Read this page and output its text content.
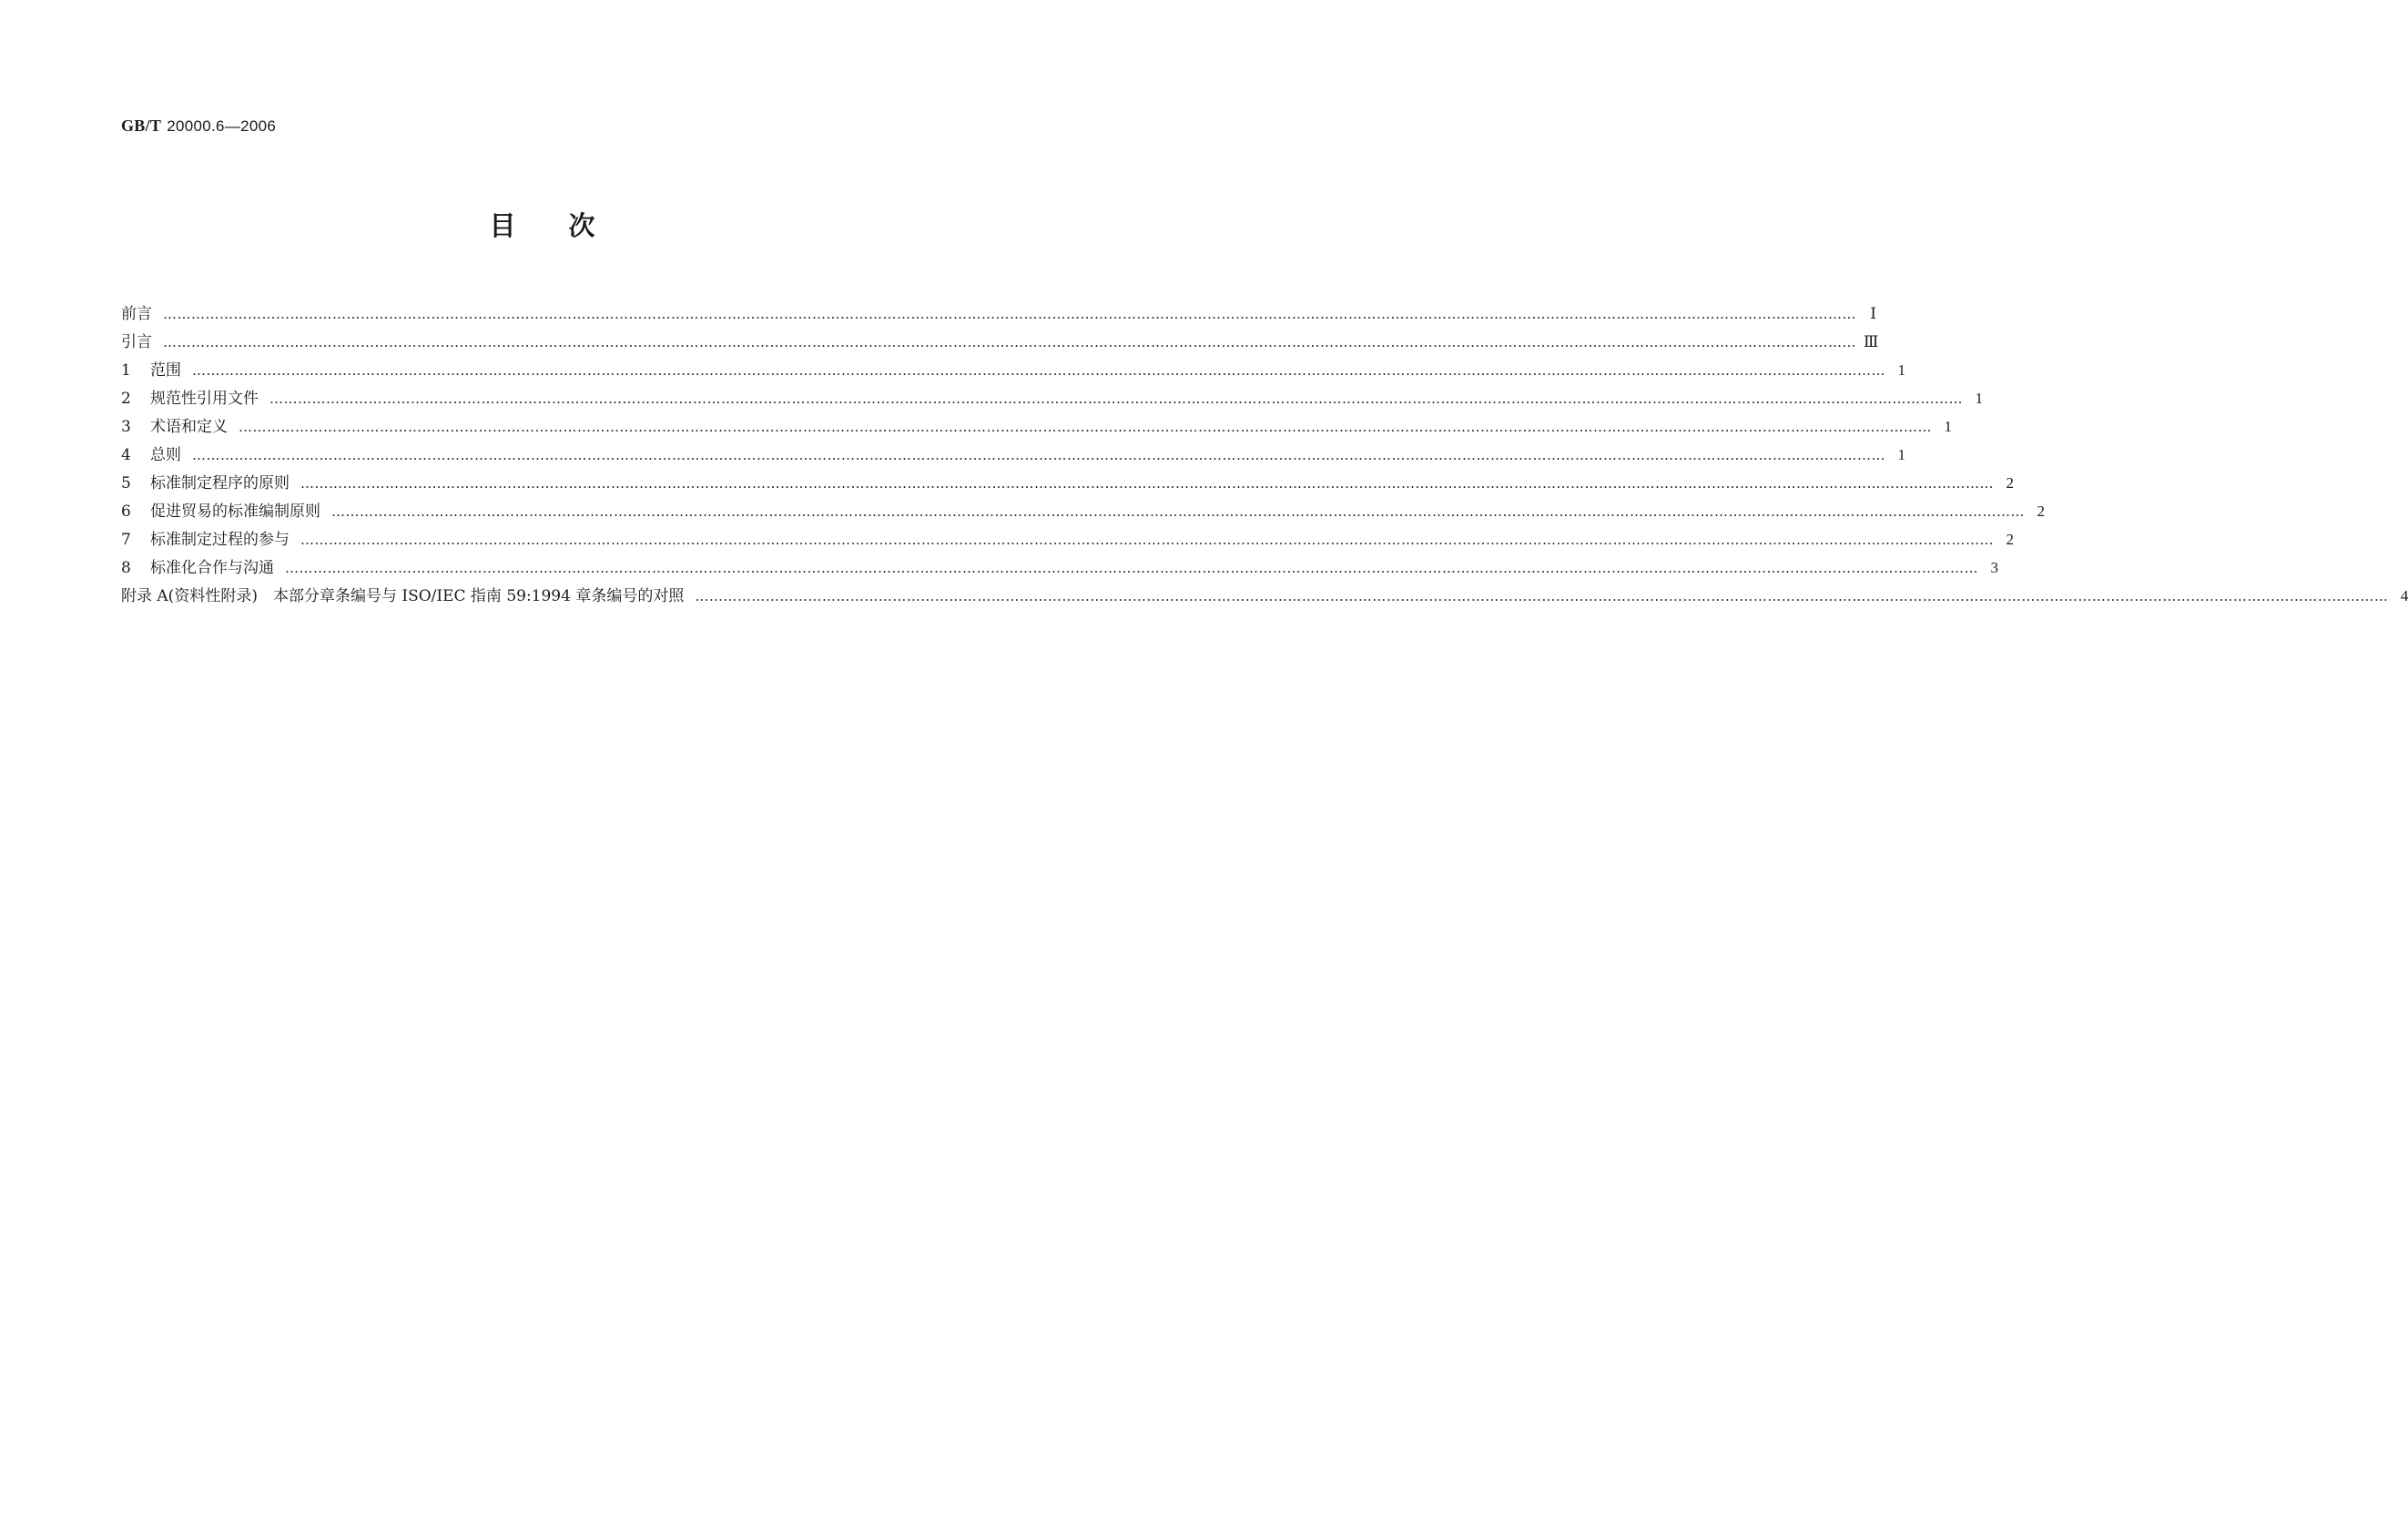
GB/T 20000.6—2006
目次
前言 ……………………………………………………………………………………………………………………………………………………………………………………………………………………………………………………………………………………………………………………………… Ⅰ
引言 ……………………………………………………………………………………………………………………………………………………………………………………………………………………………………………………………………………………………………………………………… Ⅲ
1 范围 ……………………………………………………………………………………………………………………………………………………………………………………………………………………………………………………………………………………………………………………………… 1
2 规范性引用文件 ……………………………………………………………………………………………………………………………………………………………………………………………………………………………………………………………………………………………………………………………… 1
3 术语和定义 ……………………………………………………………………………………………………………………………………………………………………………………………………………………………………………………………………………………………………………………………… 1
4 总则 ……………………………………………………………………………………………………………………………………………………………………………………………………………………………………………………………………………………………………………………………… 1
5 标准制定程序的原则 ……………………………………………………………………………………………………………………………………………………………………………………………………………………………………………………………………………………………………………………………… 2
6 促进贸易的标准编制原则 ……………………………………………………………………………………………………………………………………………………………………………………………………………………………………………………………………………………………………………………………… 2
7 标准制定过程的参与 ……………………………………………………………………………………………………………………………………………………………………………………………………………………………………………………………………………………………………………………………… 2
8 标准化合作与沟通 ……………………………………………………………………………………………………………………………………………………………………………………………………………………………………………………………………………………………………………………………… 3
附录 A(资料性附录)　本部分章条编号与 ISO/IEC 指南 59:1994 章条编号的对照 ……………………………………………………………………………………………………………………………………………………………………………………………………………………………………………………………………………………………………………………………… 4
